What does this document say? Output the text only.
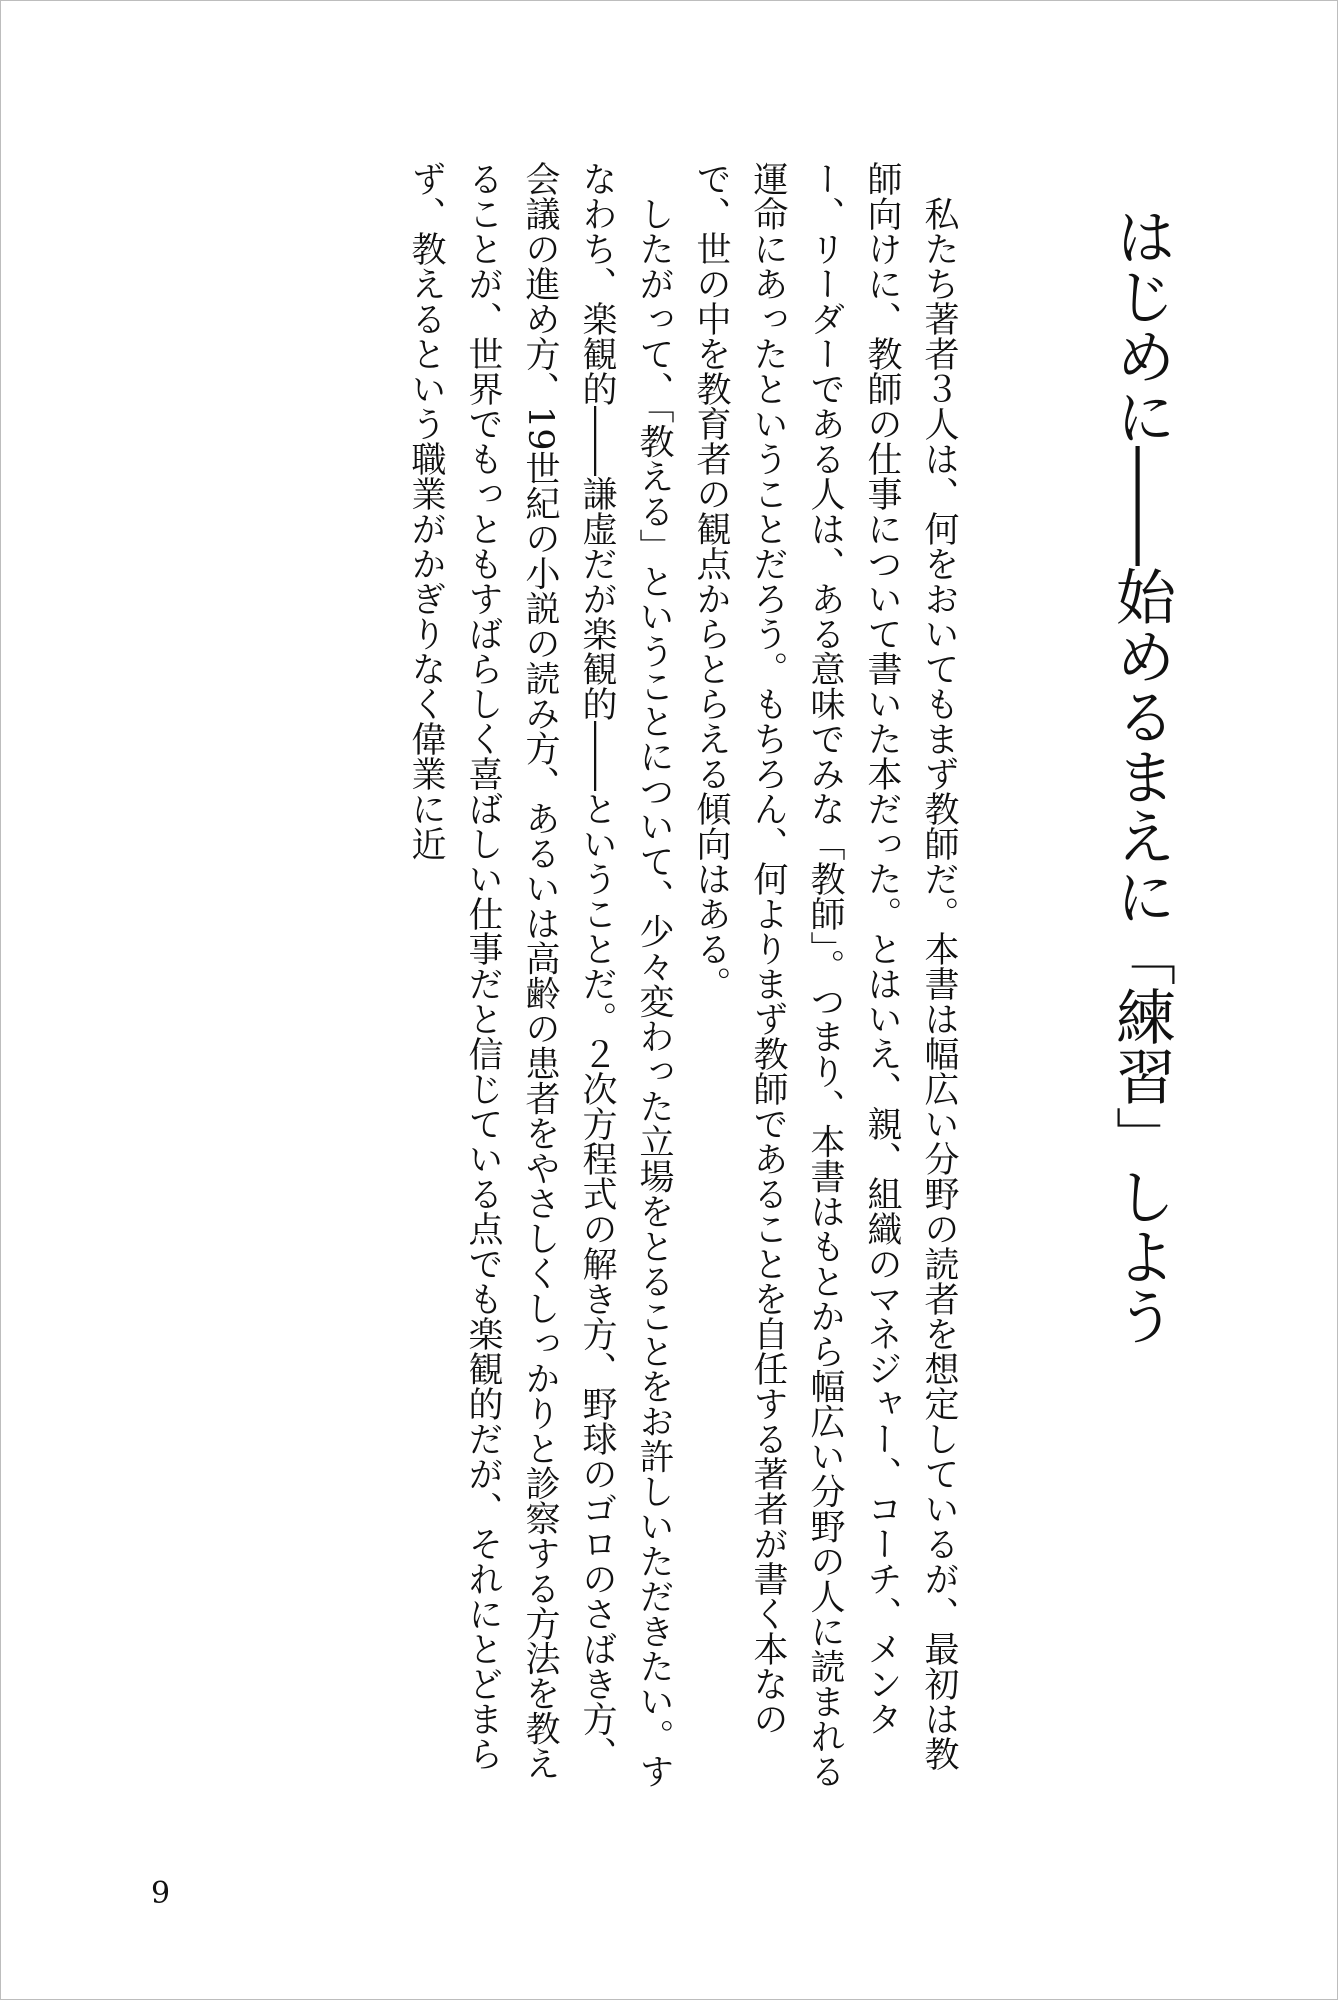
はじめに――始めるまえに「練習」しよう

私たち著者３人は、何をおいてもまず教師だ。本書は幅広い分野の読者を想定しているが、最初は教師向けに、教師の仕事について書いた本だった。とはいえ、親、組織のマネジャー、コーチ、メンター、リーダーである人は、ある意味でみな「教師」。つまり、本書はもとから幅広い分野の人に読まれる運命にあったということだろう。もちろん、何よりまず教師であることを自任する著者が書く本なので、世の中を教育者の観点からとらえる傾向はある。

したがって、「教える」ということについて、少々変わった立場をとることをお許しいただきたい。すなわち、楽観的――謙虚だが楽観的――ということだ。２次方程式の解き方、野球のゴロのさばき方、会議の進め方、19世紀の小説の読み方、あるいは高齢の患者をやさしくしっかりと診察する方法を教えることが、世界でもっともすばらしく喜ばしい仕事だと信じている点でも楽観的だが、それにとどまらず、教えるという職業がかぎりなく偉業に近

9
